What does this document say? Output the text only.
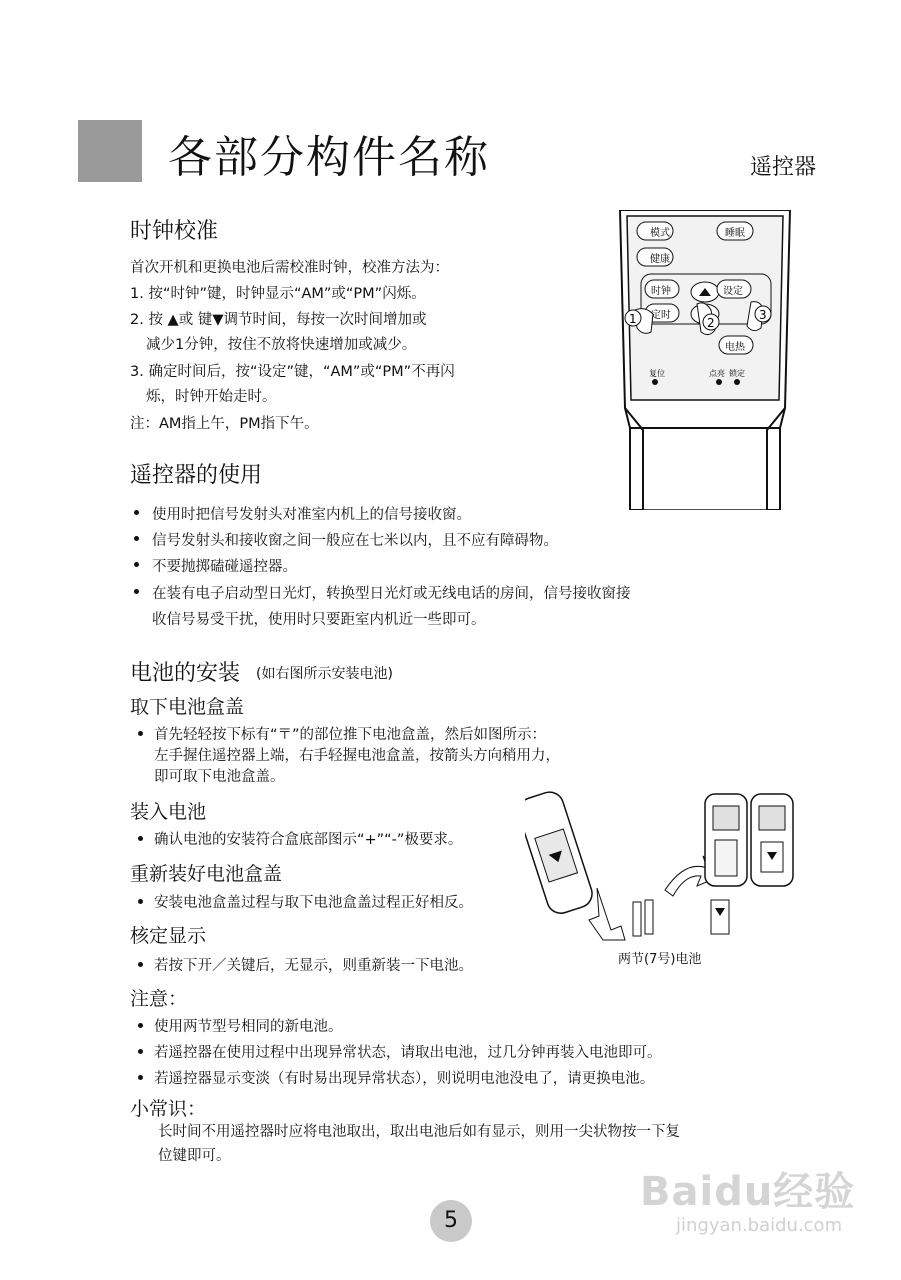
各部分构件名称	遥控器
时钟校准
首次开机和更换电池后需校准时钟，校准方法为：
1. 按“时钟”键，时钟显示“AM”或“PM”闪烁。
2. 按 ▲或 键▼调节时间，每按一次时间增加或
减少1分钟，按住不放将快速增加或减少。
3. 确定时间后，按“设定”键，“AM”或“PM”不再闪
烁，时钟开始走时。
注：AM指上午，PM指下午。
模式	睡眠
健康
时钟	设定
定时
电热
复位	点亮 锁定
1	2
3
遥控器的使用
使用时把信号发射头对准室内机上的信号接收窗。
信号发射头和接收窗之间一般应在七米以内，且不应有障碍物。
不要抛掷磕碰遥控器。
在装有电子启动型日光灯，转换型日光灯或无线电话的房间，信号接收窗接
收信号易受干扰，使用时只要距室内机近一些即可。
电池的安装 (如右图所示安装电池)
取下电池盒盖
首先轻轻按下标有“〒”的部位推下电池盒盖，然后如图所示：
左手握住遥控器上端，右手轻握电池盒盖，按箭头方向稍用力，
即可取下电池盒盖。
装入电池
确认电池的安装符合盒底部图示“+”“-”极要求。
重新装好电池盒盖
安装电池盒盖过程与取下电池盒盖过程正好相反。
核定显示
若按下开／关键后，无显示，则重新装一下电池。	两节(7号)电池
注意：
使用两节型号相同的新电池。
若遥控器在使用过程中出现异常状态，请取出电池，过几分钟再装入电池即可。
若遥控器显示变淡（有时易出现异常状态），则说明电池没电了，请更换电池。
小常识：
长时间不用遥控器时应将电池取出，取出电池后如有显示，则用一尖状物按一下复
位键即可。
Baidu经验
jingyan.baidu.com
5
